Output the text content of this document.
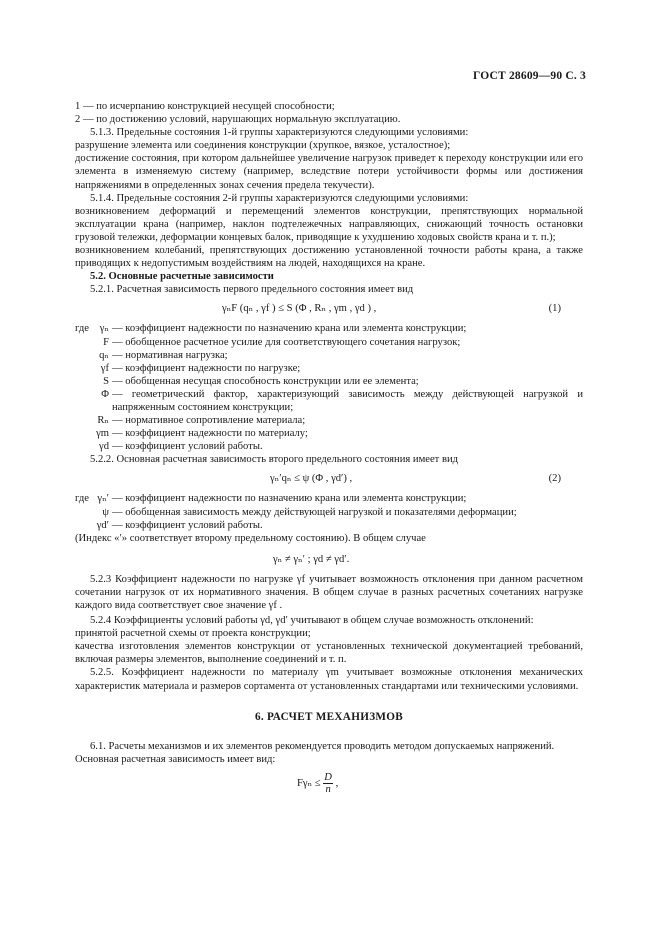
ГОСТ 28609—90 С. 3

1 — по исчерпанию конструкцией несущей способности;

2 — по достижению условий, нарушающих нормальную эксплуатацию.

5.1.3. Предельные состояния 1-й группы характеризуются следующими условиями:

разрушение элемента или соединения конструкции (хрупкое, вязкое, усталостное);

достижение состояния, при котором дальнейшее увеличение нагрузок приведет к переходу конструкции или его элемента в изменяемую систему (например, вследствие потери устойчивости формы или достижения напряжениями в определенных зонах сечения предела текучести).

5.1.4. Предельные состояния 2-й группы характеризуются следующими условиями:

возникновением деформаций и перемещений элементов конструкции, препятствующих нормальной эксплуатации крана (например, наклон подтележечных направляющих, снижающий точность остановки грузовой тележки, деформации концевых балок, приводящие к ухудшению ходовых свойств крана и т. п.);

возникновением колебаний, препятствующих достижению установленной точности работы крана, а также приводящих к недопустимым воздействиям на людей, находящихся на кране.

5.2. Основные расчетные зависимости

5.2.1. Расчетная зависимость первого предельного состояния имеет вид

γₙF (qₙ , γf ) ≤ S (Φ , Rₙ , γm , γd ) ,	(1)
где	γₙ — коэффициент надежности по назначению крана или элемента конструкции;
F — обобщенное расчетное усилие для соответствующего сочетания нагрузок;
qₙ — нормативная нагрузка;
γf — коэффициент надежности по нагрузке;
S — обобщенная несущая способность конструкции или ее элемента;
Φ — геометрический фактор, характеризующий зависимость между действующей нагрузкой и напряженным состоянием конструкции;
Rₙ — нормативное сопротивление материала;
γm — коэффициент надежности по материалу;
γd — коэффициент условий работы.

5.2.2. Основная расчетная зависимость второго предельного состояния имеет вид

γₙ′qₙ ≤ ψ (Φ , γd′) ,	(2)
где γₙ′ — коэффициент надежности по назначению крана или элемента конструкции;
ψ — обобщенная зависимость между действующей нагрузкой и показателями деформации;
γd′ — коэффициент условий работы.

(Индекс «′» соответствует второму предельному состоянию). В общем случае

γₙ ≠ γₙ′ ; γd ≠ γd′.

5.2.3 Коэффициент надежности по нагрузке γf учитывает возможность отклонения при данном расчетном сочетании нагрузок от их нормативного значения. В общем случае в разных расчетных сочетаниях нагрузке каждого вида соответствует свое значение γf .

5.2.4 Коэффициенты условий работы γd, γd′ учитывают в общем случае возможность отклонений:

принятой расчетной схемы от проекта конструкции;

качества изготовления элементов конструкции от установленных технической документацией требований, включая размеры элементов, выполнение соединений и т. п.

5.2.5. Коэффициент надежности по материалу γm учитывает возможные отклонения механических характеристик материала и размеров сортамента от установленных стандартами или техническими условиями.

6. РАСЧЕТ МЕХАНИЗМОВ

6.1. Расчеты механизмов и их элементов рекомендуется проводить методом допускаемых напряжений.

Основная расчетная зависимость имеет вид:

$F\gamma_n \le \frac{D}{n}$ ,
